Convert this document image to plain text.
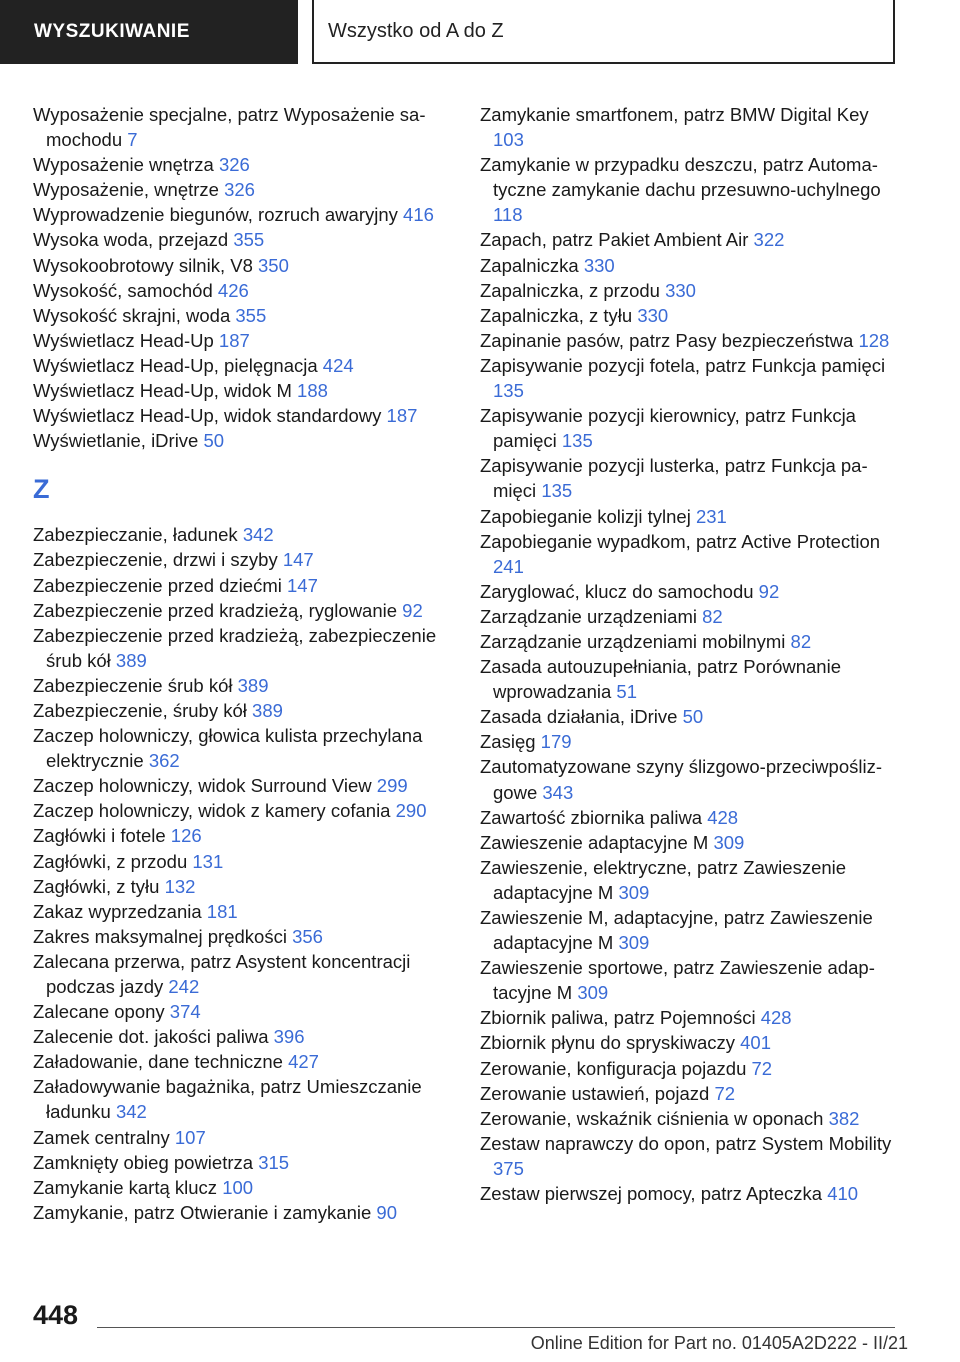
WYSZUKIWANIE	Wszystko od A do Z

Wyposażenie specjalne, patrz Wyposażenie samochodu 7

Wyposażenie wnętrza 326

Wyposażenie, wnętrze 326

Wyprowadzenie biegunów, rozruch awaryjny 416

Wysoka woda, przejazd 355

Wysokoobrotowy silnik, V8 350

Wysokość, samochód 426

Wysokość skrajni, woda 355

Wyświetlacz Head-Up 187

Wyświetlacz Head-Up, pielęgnacja 424

Wyświetlacz Head-Up, widok M 188

Wyświetlacz Head-Up, widok standardowy 187

Wyświetlanie, iDrive 50

Z

Zabezpieczanie, ładunek 342

Zabezpieczenie, drzwi i szyby 147

Zabezpieczenie przed dziećmi 147

Zabezpieczenie przed kradzieżą, ryglowanie 92

Zabezpieczenie przed kradzieżą, zabezpieczenie śrub kół 389

Zabezpieczenie śrub kół 389

Zabezpieczenie, śruby kół 389

Zaczep holowniczy, głowica kulista przechylana elektrycznie 362

Zaczep holowniczy, widok Surround View 299

Zaczep holowniczy, widok z kamery cofania 290

Zagłówki i fotele 126

Zagłówki, z przodu 131

Zagłówki, z tyłu 132

Zakaz wyprzedzania 181

Zakres maksymalnej prędkości 356

Zalecana przerwa, patrz Asystent koncentracji podczas jazdy 242

Zalecane opony 374

Zalecenie dot. jakości paliwa 396

Załadowanie, dane techniczne 427

Załadowywanie bagażnika, patrz Umieszczanie ładunku 342

Zamek centralny 107

Zamknięty obieg powietrza 315

Zamykanie kartą klucz 100

Zamykanie, patrz Otwieranie i zamykanie 90

Zamykanie smartfonem, patrz BMW Digital Key 103

Zamykanie w przypadku deszczu, patrz Automatyczne zamykanie dachu przesuwno-uchylnego 118

Zapach, patrz Pakiet Ambient Air 322

Zapalniczka 330

Zapalniczka, z przodu 330

Zapalniczka, z tyłu 330

Zapinanie pasów, patrz Pasy bezpieczeństwa 128

Zapisywanie pozycji fotela, patrz Funkcja pamięci 135

Zapisywanie pozycji kierownicy, patrz Funkcja pamięci 135

Zapisywanie pozycji lusterka, patrz Funkcja pamięci 135

Zapobieganie kolizji tylnej 231

Zapobieganie wypadkom, patrz Active Protection 241

Zaryglować, klucz do samochodu 92

Zarządzanie urządzeniami 82

Zarządzanie urządzeniami mobilnymi 82

Zasada autouzupełniania, patrz Porównanie wprowadzania 51

Zasada działania, iDrive 50

Zasięg 179

Zautomatyzowane szyny ślizgowo-przeciwpoślizgowe 343

Zawartość zbiornika paliwa 428

Zawieszenie adaptacyjne M 309

Zawieszenie, elektryczne, patrz Zawieszenie adaptacyjne M 309

Zawieszenie M, adaptacyjne, patrz Zawieszenie adaptacyjne M 309

Zawieszenie sportowe, patrz Zawieszenie adaptacyjne M 309

Zbiornik paliwa, patrz Pojemności 428

Zbiornik płynu do spryskiwaczy 401

Zerowanie, konfiguracja pojazdu 72

Zerowanie ustawień, pojazd 72

Zerowanie, wskaźnik ciśnienia w oponach 382

Zestaw naprawczy do opon, patrz System Mobility 375

Zestaw pierwszej pomocy, patrz Apteczka 410

448
Online Edition for Part no. 01405A2D222 - II/21
